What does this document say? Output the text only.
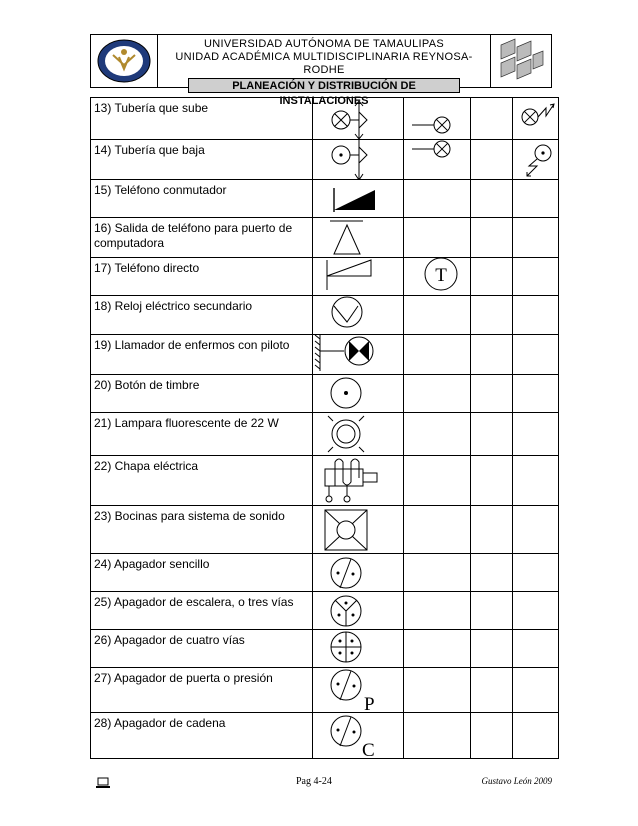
UNIVERSIDAD AUTÓNOMA DE TAMAULIPAS
UNIDAD ACADÉMICA MULTIDISCIPLINARIA REYNOSA-RODHE
PLANEACIÓN Y DISTRIBUCIÓN DE INSTALACIONES
13) Tubería que sube	

14) Tubería que baja	

15) Teléfono conmutador	

16) Salida de teléfono para puerto de computadora	

17) Teléfono directo		T		

18) Reloj eléctrico secundario	

19) Llamador de enfermos con piloto	

20) Botón de timbre	

21) Lampara fluorescente de 22 W	

22) Chapa eléctrica	

23) Bocinas para sistema de sonido	

24) Apagador sencillo	

25) Apagador de escalera, o tres vías	

26) Apagador de cuatro vías	

27) Apagador de puerta o presión	P			

28) Apagador de cadena	C			

Pag 4-24	Gustavo León 2009
